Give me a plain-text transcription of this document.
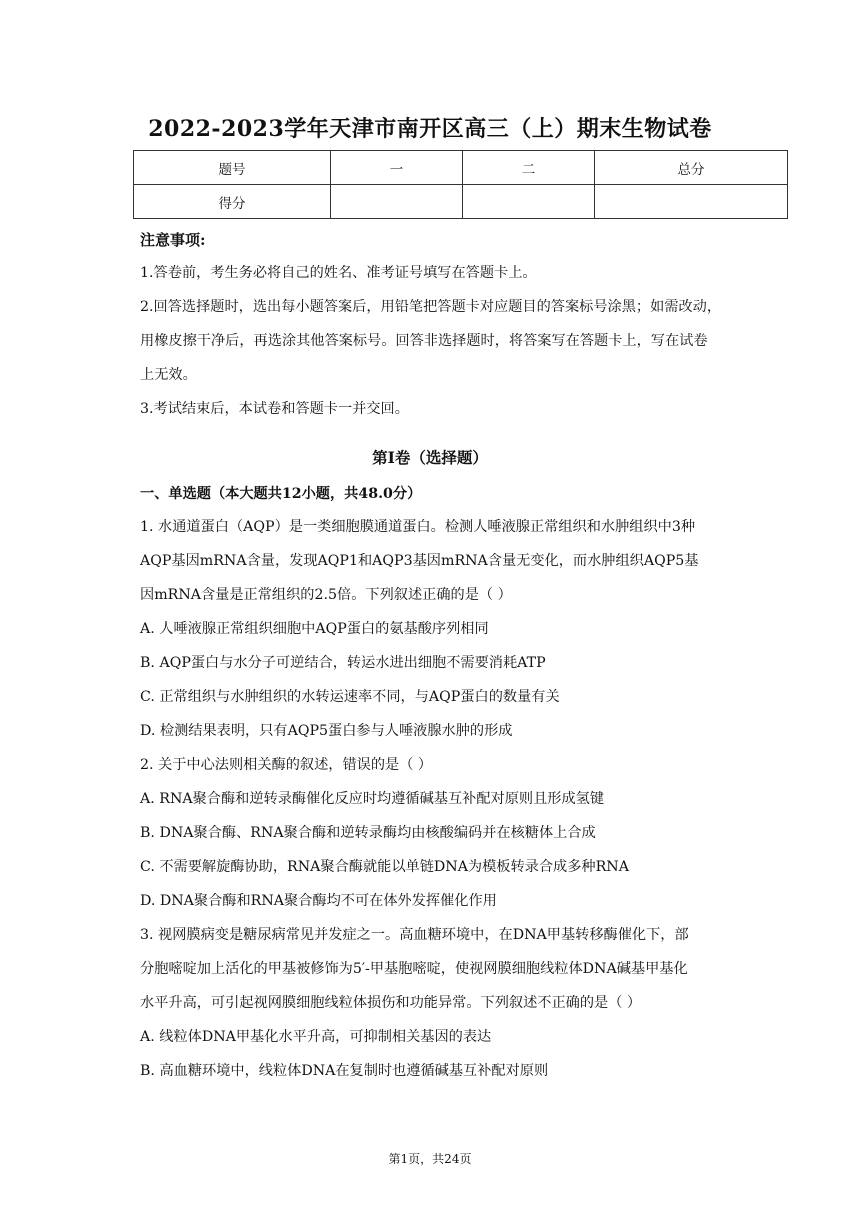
2022-2023学年天津市南开区高三（上）期末生物试卷
题号	一	二	总分
得分			
注意事项:
1.答卷前，考生务必将自己的姓名、准考证号填写在答题卡上。
2.回答选择题时，选出每小题答案后，用铅笔把答题卡对应题目的答案标号涂黑；如需改动，
用橡皮擦干净后，再选涂其他答案标号。回答非选择题时，将答案写在答题卡上，写在试卷
上无效。
3.考试结束后，本试卷和答题卡一并交回。
第I卷（选择题）
一、单选题（本大题共12小题，共48.0分）
1. 水通道蛋白（AQP）是一类细胞膜通道蛋白。检测人唾液腺正常组织和水肿组织中3种
AQP基因mRNA含量，发现AQP1和AQP3基因mRNA含量无变化，而水肿组织AQP5基
因mRNA含量是正常组织的2.5倍。下列叙述正确的是（ ）
A. 人唾液腺正常组织细胞中AQP蛋白的氨基酸序列相同
B. AQP蛋白与水分子可逆结合，转运水进出细胞不需要消耗ATP
C. 正常组织与水肿组织的水转运速率不同，与AQP蛋白的数量有关
D. 检测结果表明，只有AQP5蛋白参与人唾液腺水肿的形成
2. 关于中心法则相关酶的叙述，错误的是（ ）
A. RNA聚合酶和逆转录酶催化反应时均遵循碱基互补配对原则且形成氢键
B. DNA聚合酶、RNA聚合酶和逆转录酶均由核酸编码并在核糖体上合成
C. 不需要解旋酶协助，RNA聚合酶就能以单链DNA为模板转录合成多种RNA
D. DNA聚合酶和RNA聚合酶均不可在体外发挥催化作用
3. 视网膜病变是糖尿病常见并发症之一。高血糖环境中，在DNA甲基转移酶催化下，部
分胞嘧啶加上活化的甲基被修饰为5′-甲基胞嘧啶，使视网膜细胞线粒体DNA碱基甲基化
水平升高，可引起视网膜细胞线粒体损伤和功能异常。下列叙述不正确的是（ ）
A. 线粒体DNA甲基化水平升高，可抑制相关基因的表达
B. 高血糖环境中，线粒体DNA在复制时也遵循碱基互补配对原则
第1页，共24页
